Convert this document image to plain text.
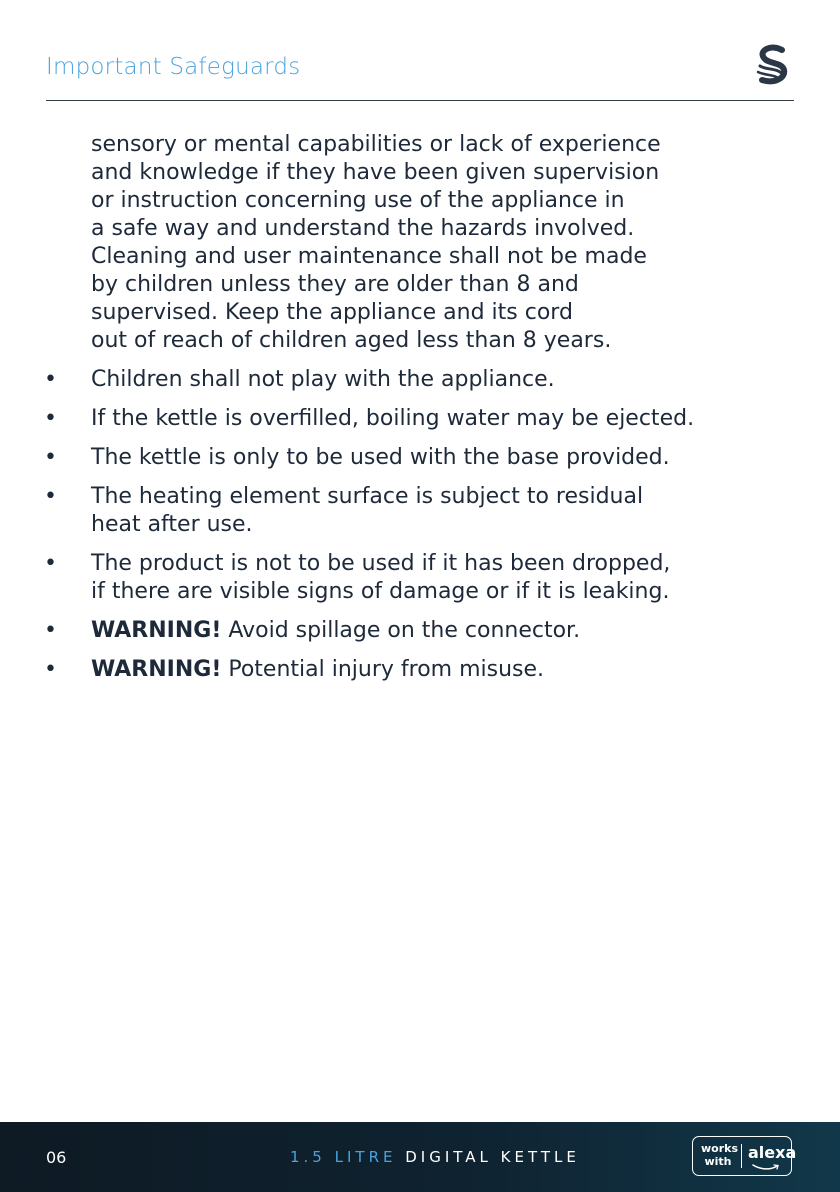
Important Safeguards
sensory or mental capabilities or lack of experience
and knowledge if they have been given supervision
or instruction concerning use of the appliance in
a safe way and understand the hazards involved.
Cleaning and user maintenance shall not be made
by children unless they are older than 8 and
supervised. Keep the appliance and its cord
out of reach of children aged less than 8 years.
• Children shall not play with the appliance.
• If the kettle is overfilled, boiling water may be ejected.
• The kettle is only to be used with the base provided.
• The heating element surface is subject to residual
heat after use.
• The product is not to be used if it has been dropped,
if there are visible signs of damage or if it is leaking.
• WARNING! Avoid spillage on the connector.
• WARNING! Potential injury from misuse.
06	1.5 LITRE DIGITAL KETTLE	works
with alexa
